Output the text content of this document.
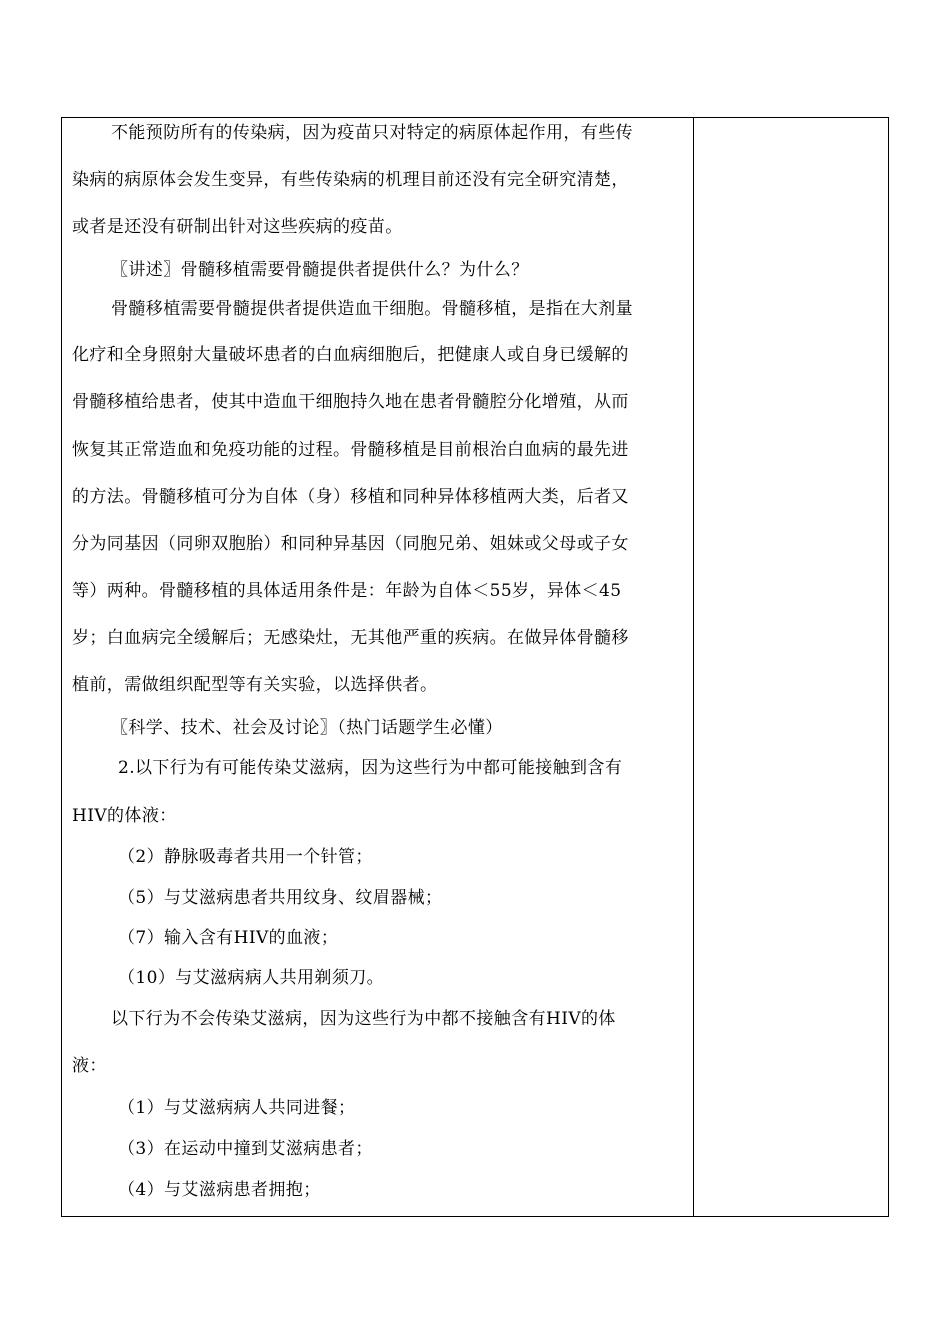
不能预防所有的传染病，因为疫苗只对特定的病原体起作用，有些传
染病的病原体会发生变异，有些传染病的机理目前还没有完全研究清楚，
或者是还没有研制出针对这些疾病的疫苗。
〖讲述〗骨髓移植需要骨髓提供者提供什么？为什么？
骨髓移植需要骨髓提供者提供造血干细胞。骨髓移植，是指在大剂量
化疗和全身照射大量破坏患者的白血病细胞后，把健康人或自身已缓解的
骨髓移植给患者，使其中造血干细胞持久地在患者骨髓腔分化增殖，从而
恢复其正常造血和免疫功能的过程。骨髓移植是目前根治白血病的最先进
的方法。骨髓移植可分为自体（身）移植和同种异体移植两大类，后者又
分为同基因（同卵双胞胎）和同种异基因（同胞兄弟、姐妹或父母或子女
等）两种。骨髓移植的具体适用条件是：年龄为自体＜55岁，异体＜45
岁；白血病完全缓解后；无感染灶，无其他严重的疾病。在做异体骨髓移
植前，需做组织配型等有关实验，以选择供者。
〖科学、技术、社会及讨论〗（热门话题学生必懂）
2.以下行为有可能传染艾滋病，因为这些行为中都可能接触到含有
HIV的体液：
（2）静脉吸毒者共用一个针管；
（5）与艾滋病患者共用纹身、纹眉器械；
（7）输入含有HIV的血液；
（10）与艾滋病病人共用剃须刀。
以下行为不会传染艾滋病，因为这些行为中都不接触含有HIV的体
液：
（1）与艾滋病病人共同进餐；
（3）在运动中撞到艾滋病患者；
（4）与艾滋病患者拥抱；
